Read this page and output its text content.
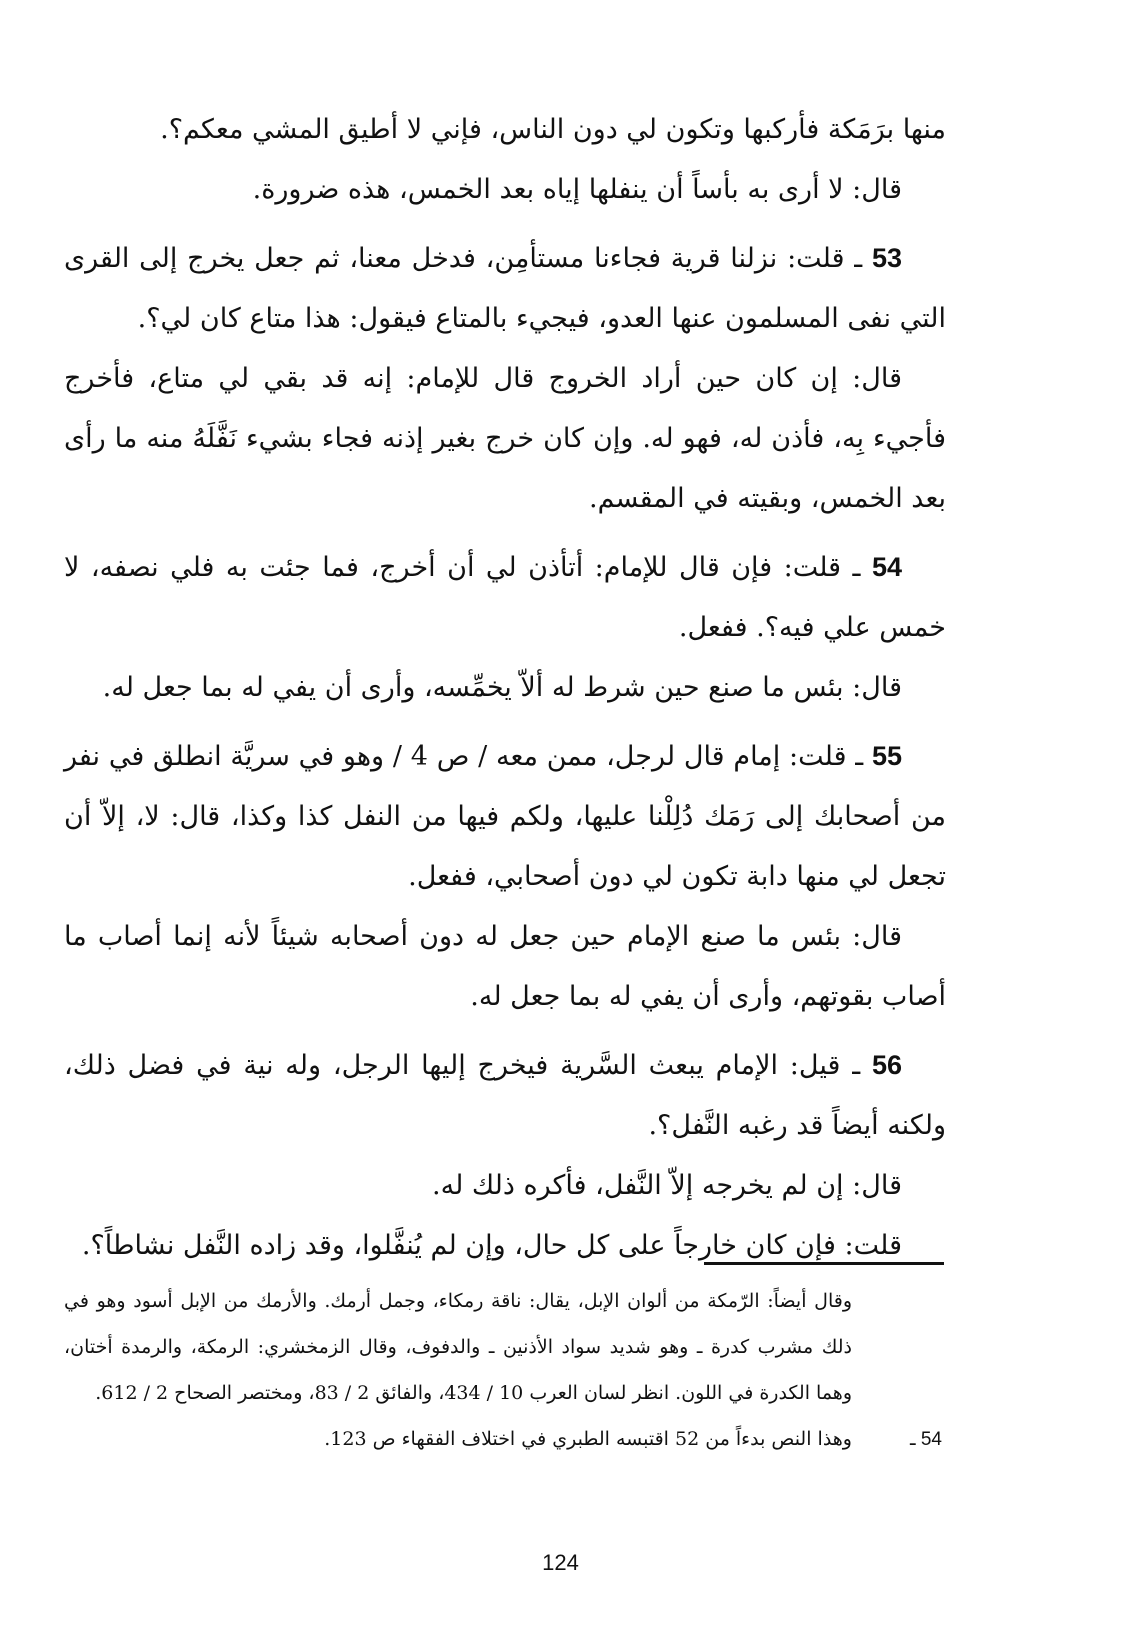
منها برَمَكة فأركبها وتكون لي دون الناس، فإني لا أطيق المشي معكم؟.

قال: لا أرى به بأساً أن ينفلها إياه بعد الخمس، هذه ضرورة.

53 ـ قلت: نزلنا قرية فجاءنا مستأمِن، فدخل معنا، ثم جعل يخرج إلى القرى التي نفى المسلمون عنها العدو، فيجيء بالمتاع فيقول: هذا متاع كان لي؟.

قال: إن كان حين أراد الخروج قال للإمام: إنه قد بقي لي متاع، فأخرج فأجيء بِه، فأذن له، فهو له. وإن كان خرج بغير إذنه فجاء بشيء نَفَّلَهُ منه ما رأى بعد الخمس، وبقيته في المقسم.

54 ـ قلت: فإن قال للإمام: أتأذن لي أن أخرج، فما جئت به فلي نصفه، لا خمس علي فيه؟. ففعل.

قال: بئس ما صنع حين شرط له ألاّ يخمِّسه، وأرى أن يفي له بما جعل له.

55 ـ قلت: إمام قال لرجل، ممن معه / ص 4 / وهو في سريَّة انطلق في نفر من أصحابك إلى رَمَك دُلِلْنا عليها، ولكم فيها من النفل كذا وكذا، قال: لا، إلاّ أن تجعل لي منها دابة تكون لي دون أصحابي، ففعل.

قال: بئس ما صنع الإمام حين جعل له دون أصحابه شيئاً لأنه إنما أصاب ما أصاب بقوتهم، وأرى أن يفي له بما جعل له.

56 ـ قيل: الإمام يبعث السَّرية فيخرج إليها الرجل، وله نية في فضل ذلك، ولكنه أيضاً قد رغبه النَّفل؟.

قال: إن لم يخرجه إلاّ النَّفل، فأكره ذلك له.

قلت: فإن كان خارجاً على كل حال، وإن لم يُنفَّلوا، وقد زاده النَّفل نشاطاً؟.

وقال أيضاً: الرّمكة من ألوان الإبل، يقال: ناقة رمكاء، وجمل أرمك. والأرمك من الإبل أسود وهو في ذلك مشرب كدرة ـ وهو شديد سواد الأذنين ـ والدفوف، وقال الزمخشري: الرمكة، والرمدة أختان، وهما الكدرة في اللون. انظر لسان العرب 10 / 434، والفائق 2 / 83، ومختصر الصحاح 2 / 612.

54 ـوهذا النص بدءاً من 52 اقتبسه الطبري في اختلاف الفقهاء ص 123.

124
